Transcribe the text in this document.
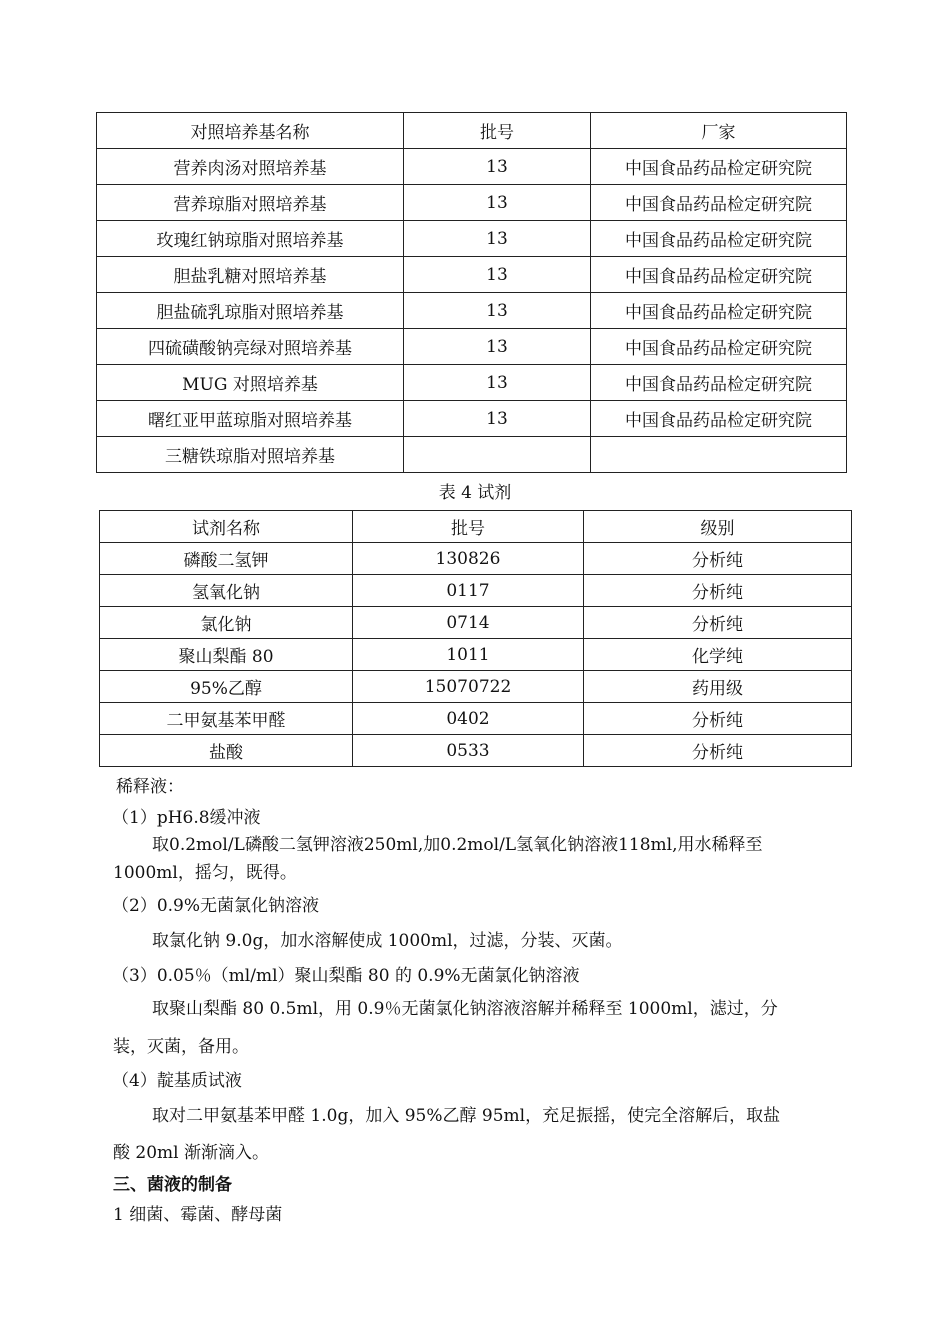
对照培养基名称	批号	厂家
营养肉汤对照培养基	13	中国食品药品检定研究院
营养琼脂对照培养基	13	中国食品药品检定研究院
玫瑰红钠琼脂对照培养基	13	中国食品药品检定研究院
胆盐乳糖对照培养基	13	中国食品药品检定研究院
胆盐硫乳琼脂对照培养基	13	中国食品药品检定研究院
四硫磺酸钠亮绿对照培养基	13	中国食品药品检定研究院
MUG 对照培养基	13	中国食品药品检定研究院
曙红亚甲蓝琼脂对照培养基	13	中国食品药品检定研究院
三糖铁琼脂对照培养基		
表 4 试剂
试剂名称	批号	级别
磷酸二氢钾	130826	分析纯
氢氧化钠	0117	分析纯
氯化钠	0714	分析纯
聚山梨酯 80	1011	化学纯
95%乙醇	15070722	药用级
二甲氨基苯甲醛	0402	分析纯
盐酸	0533	分析纯
稀释液：
（1）pH6.8缓冲液
取0.2mol/L磷酸二氢钾溶液250ml,加0.2mol/L氢氧化钠溶液118ml,用水稀释至
1000ml，摇匀，既得。
（2）0.9%无菌氯化钠溶液
取氯化钠 9.0g，加水溶解使成 1000ml，过滤，分装、灭菌。
（3）0.05％（ml/ml）聚山梨酯 80 的 0.9%无菌氯化钠溶液
取聚山梨酯 80 0.5ml，用 0.9％无菌氯化钠溶液溶解并稀释至 1000ml，滤过，分
装，灭菌，备用。
（4）靛基质试液
取对二甲氨基苯甲醛 1.0g，加入 95%乙醇 95ml，充足振摇，使完全溶解后，取盐
酸 20ml 渐渐滴入。
三、菌液的制备
1 细菌、霉菌、酵母菌
